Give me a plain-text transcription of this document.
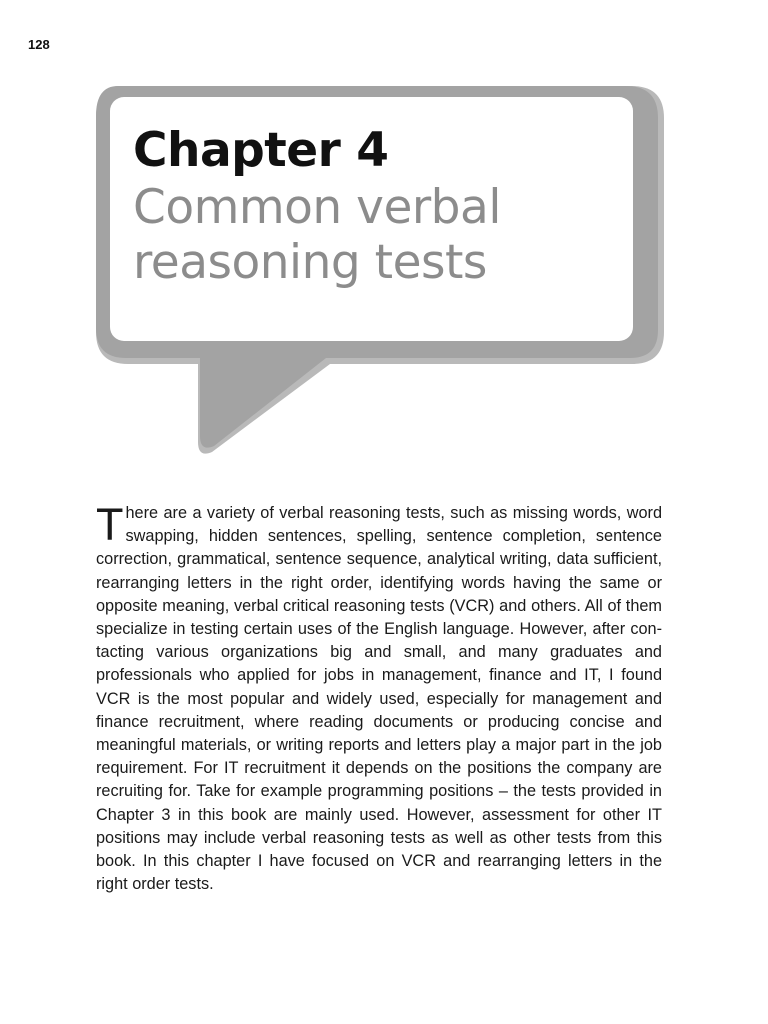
128
Chapter 4
Common verbal
reasoning tests

There are a variety of verbal reasoning tests, such as missing words, word swapping, hidden sentences, spelling, sentence completion, sentence correction, grammatical, sentence sequence, analytical writing, data sufficient, rearranging letters in the right order, identifying words having the same or opposite meaning, verbal critical reasoning tests (VCR) and others. All of them specialize in testing certain uses of the English language. However, after contacting various organizations big and small, and many graduates and professionals who applied for jobs in management, finance and IT, I found VCR is the most popular and widely used, especially for management and finance recruitment, where reading documents or producing concise and meaningful materials, or writing reports and letters play a major part in the job requirement. For IT recruitment it depends on the positions the company are recruiting for. Take for example programming positions – the tests provided in Chapter 3 in this book are mainly used. However, assessment for other IT positions may include verbal reasoning tests as well as other tests from this book. In this chapter I have focused on VCR and rearranging letters in the right order tests.
